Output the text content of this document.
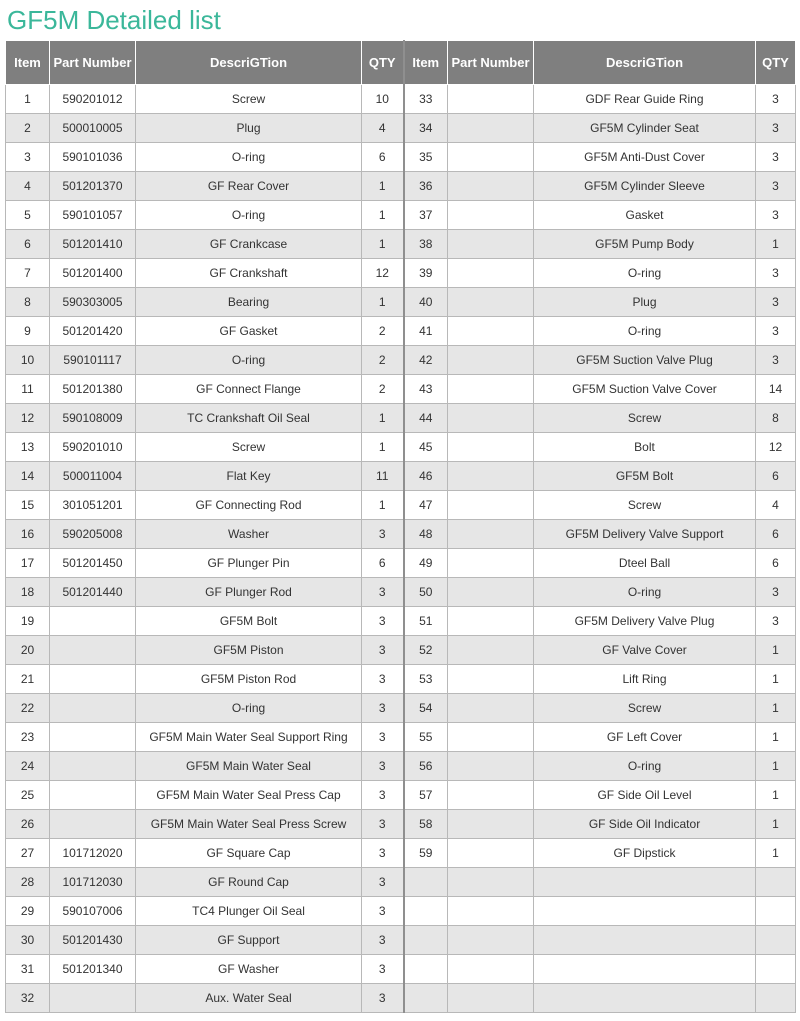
GF5M Detailed list
Item	Part Number	DescriGTion	QTY	Item	Part Number	DescriGTion	QTY
1	590201012	Screw	10	33		GDF Rear Guide Ring	3
2	500010005	Plug	4	34		GF5M Cylinder Seat	3
3	590101036	O-ring	6	35		GF5M Anti-Dust Cover	3
4	501201370	GF Rear Cover	1	36		GF5M Cylinder Sleeve	3
5	590101057	O-ring	1	37		Gasket	3
6	501201410	GF Crankcase	1	38		GF5M Pump Body	1
7	501201400	GF Crankshaft	12	39		O-ring	3
8	590303005	Bearing	1	40		Plug	3
9	501201420	GF Gasket	2	41		O-ring	3
10	590101117	O-ring	2	42		GF5M Suction Valve Plug	3
11	501201380	GF Connect Flange	2	43		GF5M Suction Valve Cover	14
12	590108009	TC Crankshaft Oil Seal	1	44		Screw	8
13	590201010	Screw	1	45		Bolt	12
14	500011004	Flat Key	11	46		GF5M Bolt	6
15	301051201	GF Connecting Rod	1	47		Screw	4
16	590205008	Washer	3	48		GF5M Delivery Valve Support	6
17	501201450	GF Plunger Pin	6	49		Dteel Ball	6
18	501201440	GF Plunger Rod	3	50		O-ring	3
19		GF5M Bolt	3	51		GF5M Delivery Valve Plug	3
20		GF5M Piston	3	52		GF Valve Cover	1
21		GF5M Piston Rod	3	53		Lift Ring	1
22		O-ring	3	54		Screw	1
23		GF5M Main Water Seal Support Ring	3	55		GF Left Cover	1
24		GF5M Main Water Seal	3	56		O-ring	1
25		GF5M Main Water Seal Press Cap	3	57		GF Side Oil Level	1
26		GF5M Main Water Seal Press Screw	3	58		GF Side Oil Indicator	1
27	101712020	GF Square Cap	3	59		GF Dipstick	1
28	101712030	GF Round Cap	3				
29	590107006	TC4 Plunger Oil Seal	3				
30	501201430	GF Support	3				
31	501201340	GF Washer	3				
32		Aux. Water Seal	3				
